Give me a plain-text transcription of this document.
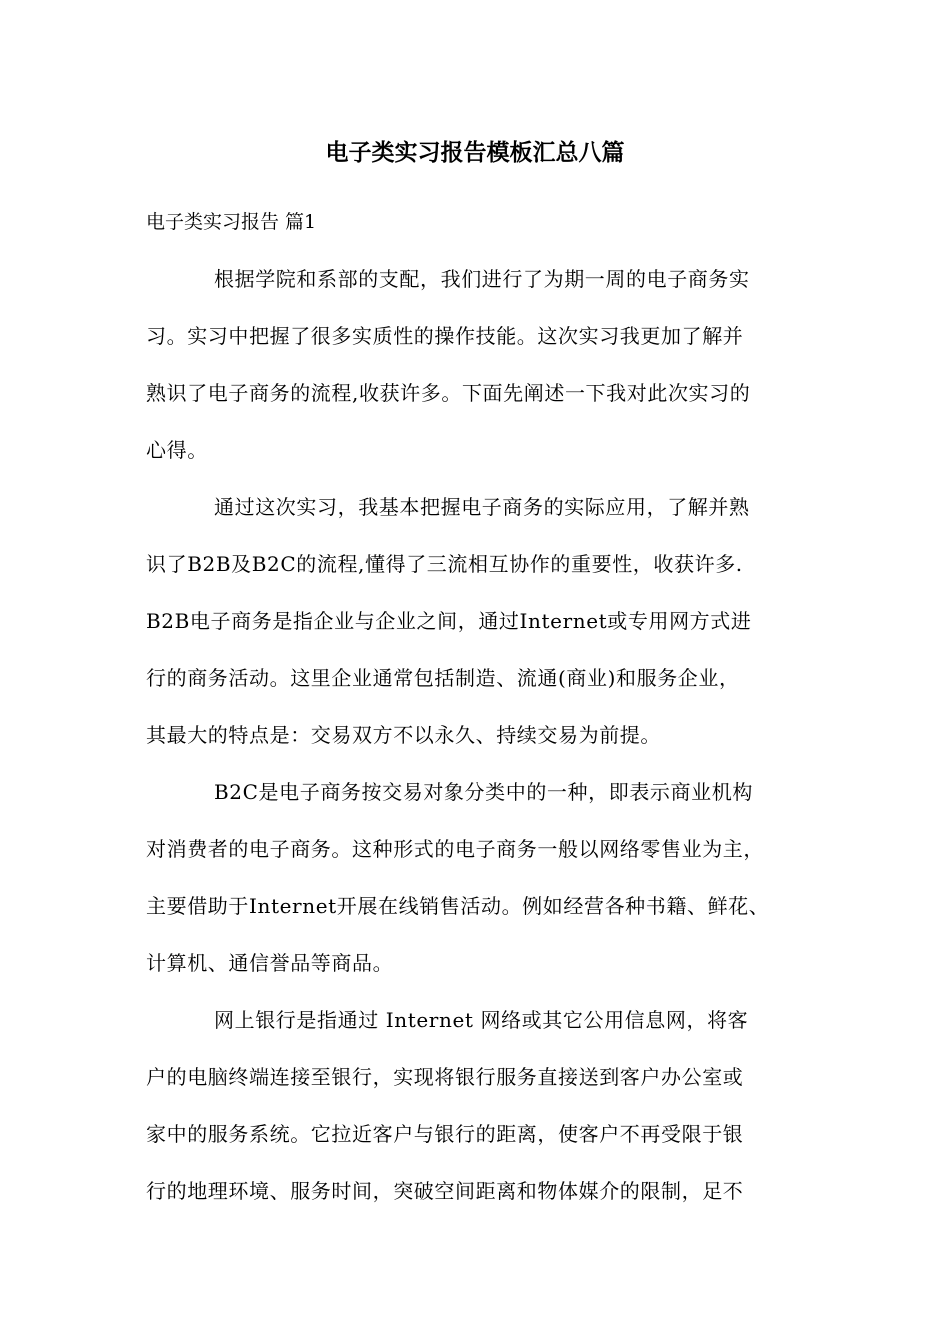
电子类实习报告模板汇总八篇
电子类实习报告 篇1
根据学院和系部的支配，我们进行了为期一周的电子商务实
习。实习中把握了很多实质性的操作技能。这次实习我更加了解并
熟识了电子商务的流程,收获许多。下面先阐述一下我对此次实习的
心得。
通过这次实习，我基本把握电子商务的实际应用，了解并熟
识了B2B及B2C的流程,懂得了三流相互协作的重要性，收获许多.
B2B电子商务是指企业与企业之间，通过Internet或专用网方式进
行的商务活动。这里企业通常包括制造、流通(商业)和服务企业，
其最大的特点是：交易双方不以永久、持续交易为前提。
B2C是电子商务按交易对象分类中的一种，即表示商业机构
对消费者的电子商务。这种形式的电子商务一般以网络零售业为主，
主要借助于Internet开展在线销售活动。例如经营各种书籍、鲜花、
计算机、通信誉品等商品。
网上银行是指通过 Internet 网络或其它公用信息网，将客
户的电脑终端连接至银行，实现将银行服务直接送到客户办公室或
家中的服务系统。它拉近客户与银行的距离，使客户不再受限于银
行的地理环境、服务时间，突破空间距离和物体媒介的限制，足不
